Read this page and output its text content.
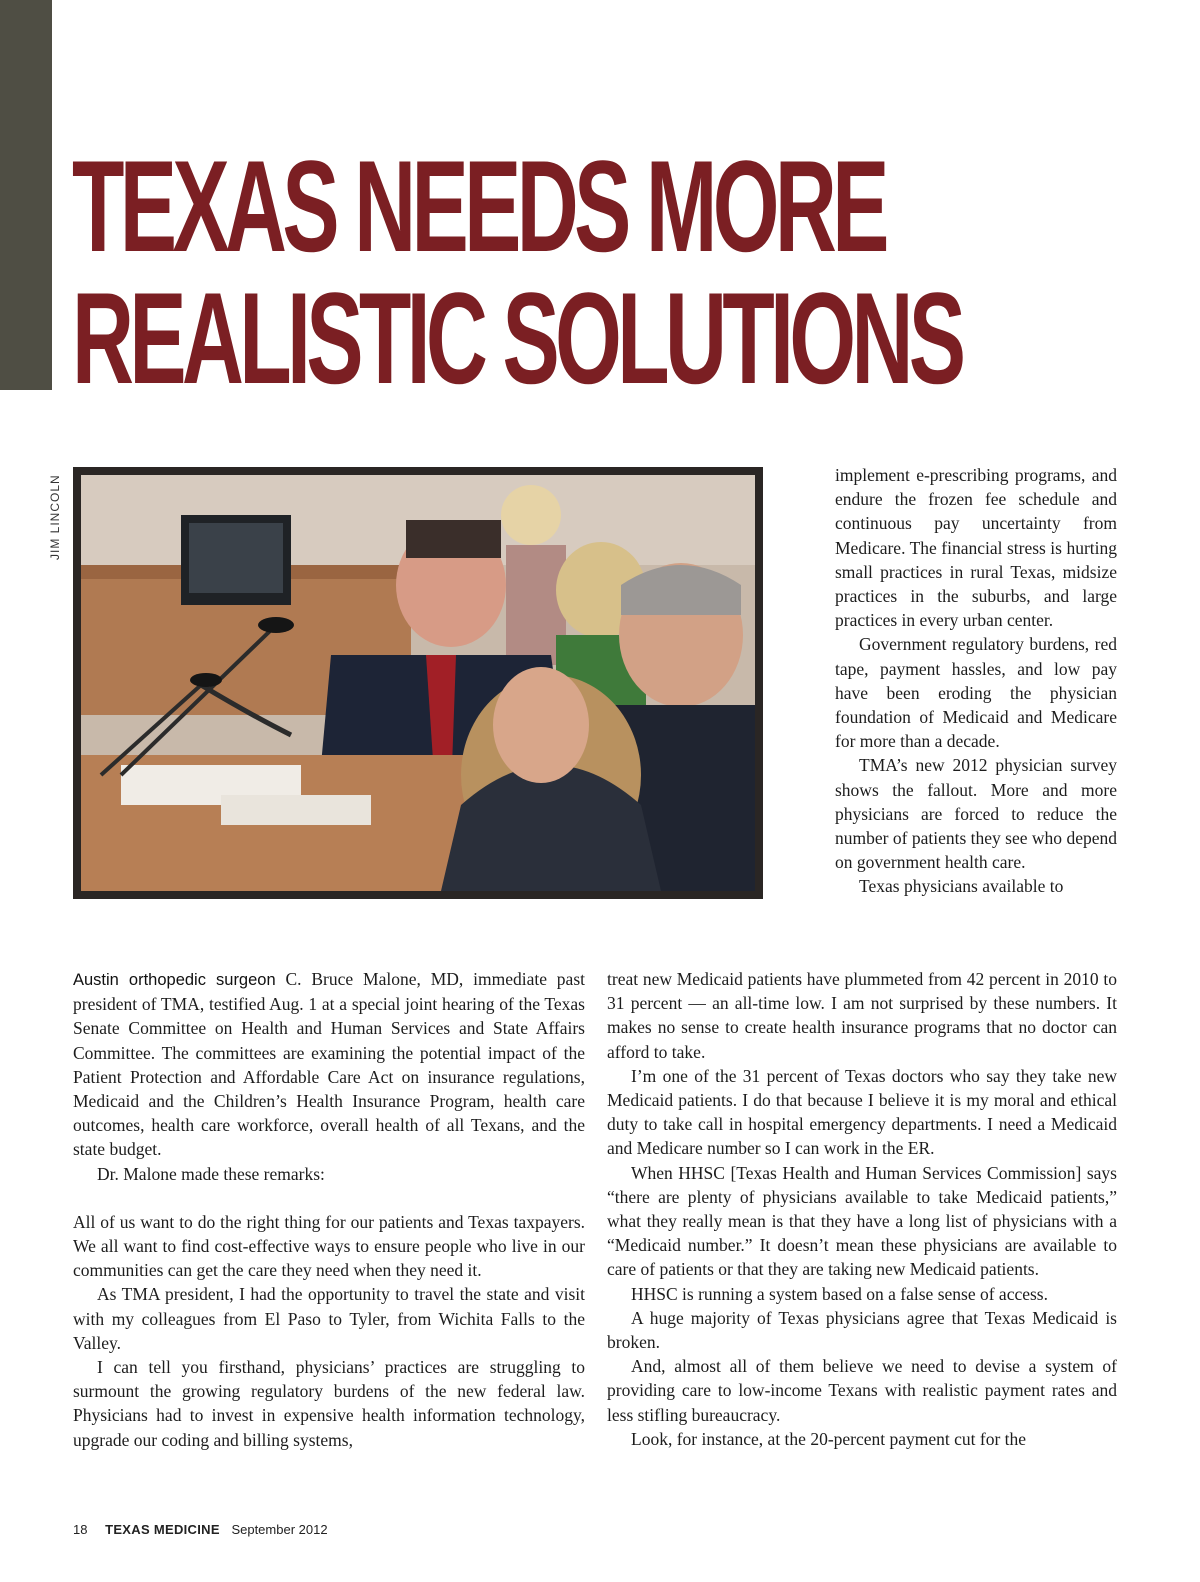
TEXAS NEEDS MORE
REALISTIC SOLUTIONS
JIM LINCOLN	implement e-prescribing programs, and endure the frozen fee schedule and continuous pay uncertainty from Medicare. The financial stress is hurting small practices in rural Texas, midsize practices in the suburbs, and large practices in every urban center.

Government regulatory burdens, red tape, payment hassles, and low pay have been eroding the physician foundation of Medicaid and Medicare for more than a decade.

TMA’s new 2012 physician survey shows the fallout. More and more physicians are forced to reduce the number of patients they see who depend on government health care.

Texas physicians available to

Austin orthopedic surgeon C. Bruce Malone, MD, immediate past president of TMA, testified Aug. 1 at a special joint hearing of the Texas Senate Committee on Health and Human Services and State Affairs Committee. The committees are examining the potential impact of the Patient Protection and Affordable Care Act on insurance regulations, Medicaid and the Children’s Health Insurance Program, health care outcomes, health care workforce, overall health of all Texans, and the state budget.

Dr. Malone made these remarks:

All of us want to do the right thing for our patients and Texas taxpayers. We all want to find cost-effective ways to ensure people who live in our communities can get the care they need when they need it.

As TMA president, I had the opportunity to travel the state and visit with my colleagues from El Paso to Tyler, from Wichita Falls to the Valley.

I can tell you firsthand, physicians’ practices are struggling to surmount the growing regulatory burdens of the new federal law. Physicians had to invest in expensive health information technology, upgrade our coding and billing systems,

treat new Medicaid patients have plummeted from 42 percent in 2010 to 31 percent — an all-time low. I am not surprised by these numbers. It makes no sense to create health insurance programs that no doctor can afford to take.

I’m one of the 31 percent of Texas doctors who say they take new Medicaid patients. I do that because I believe it is my moral and ethical duty to take call in hospital emergency departments. I need a Medicaid and Medicare number so I can work in the ER.

When HHSC [Texas Health and Human Services Commission] says “there are plenty of physicians available to take Medicaid patients,” what they really mean is that they have a long list of physicians with a “Medicaid number.” It doesn’t mean these physicians are available to care of patients or that they are taking new Medicaid patients.

HHSC is running a system based on a false sense of access.

A huge majority of Texas physicians agree that Texas Medicaid is broken.

And, almost all of them believe we need to devise a system of providing care to low-income Texans with realistic payment rates and less stifling bureaucracy.

Look, for instance, at the 20-percent payment cut for the

18 TEXAS MEDICINE September 2012
